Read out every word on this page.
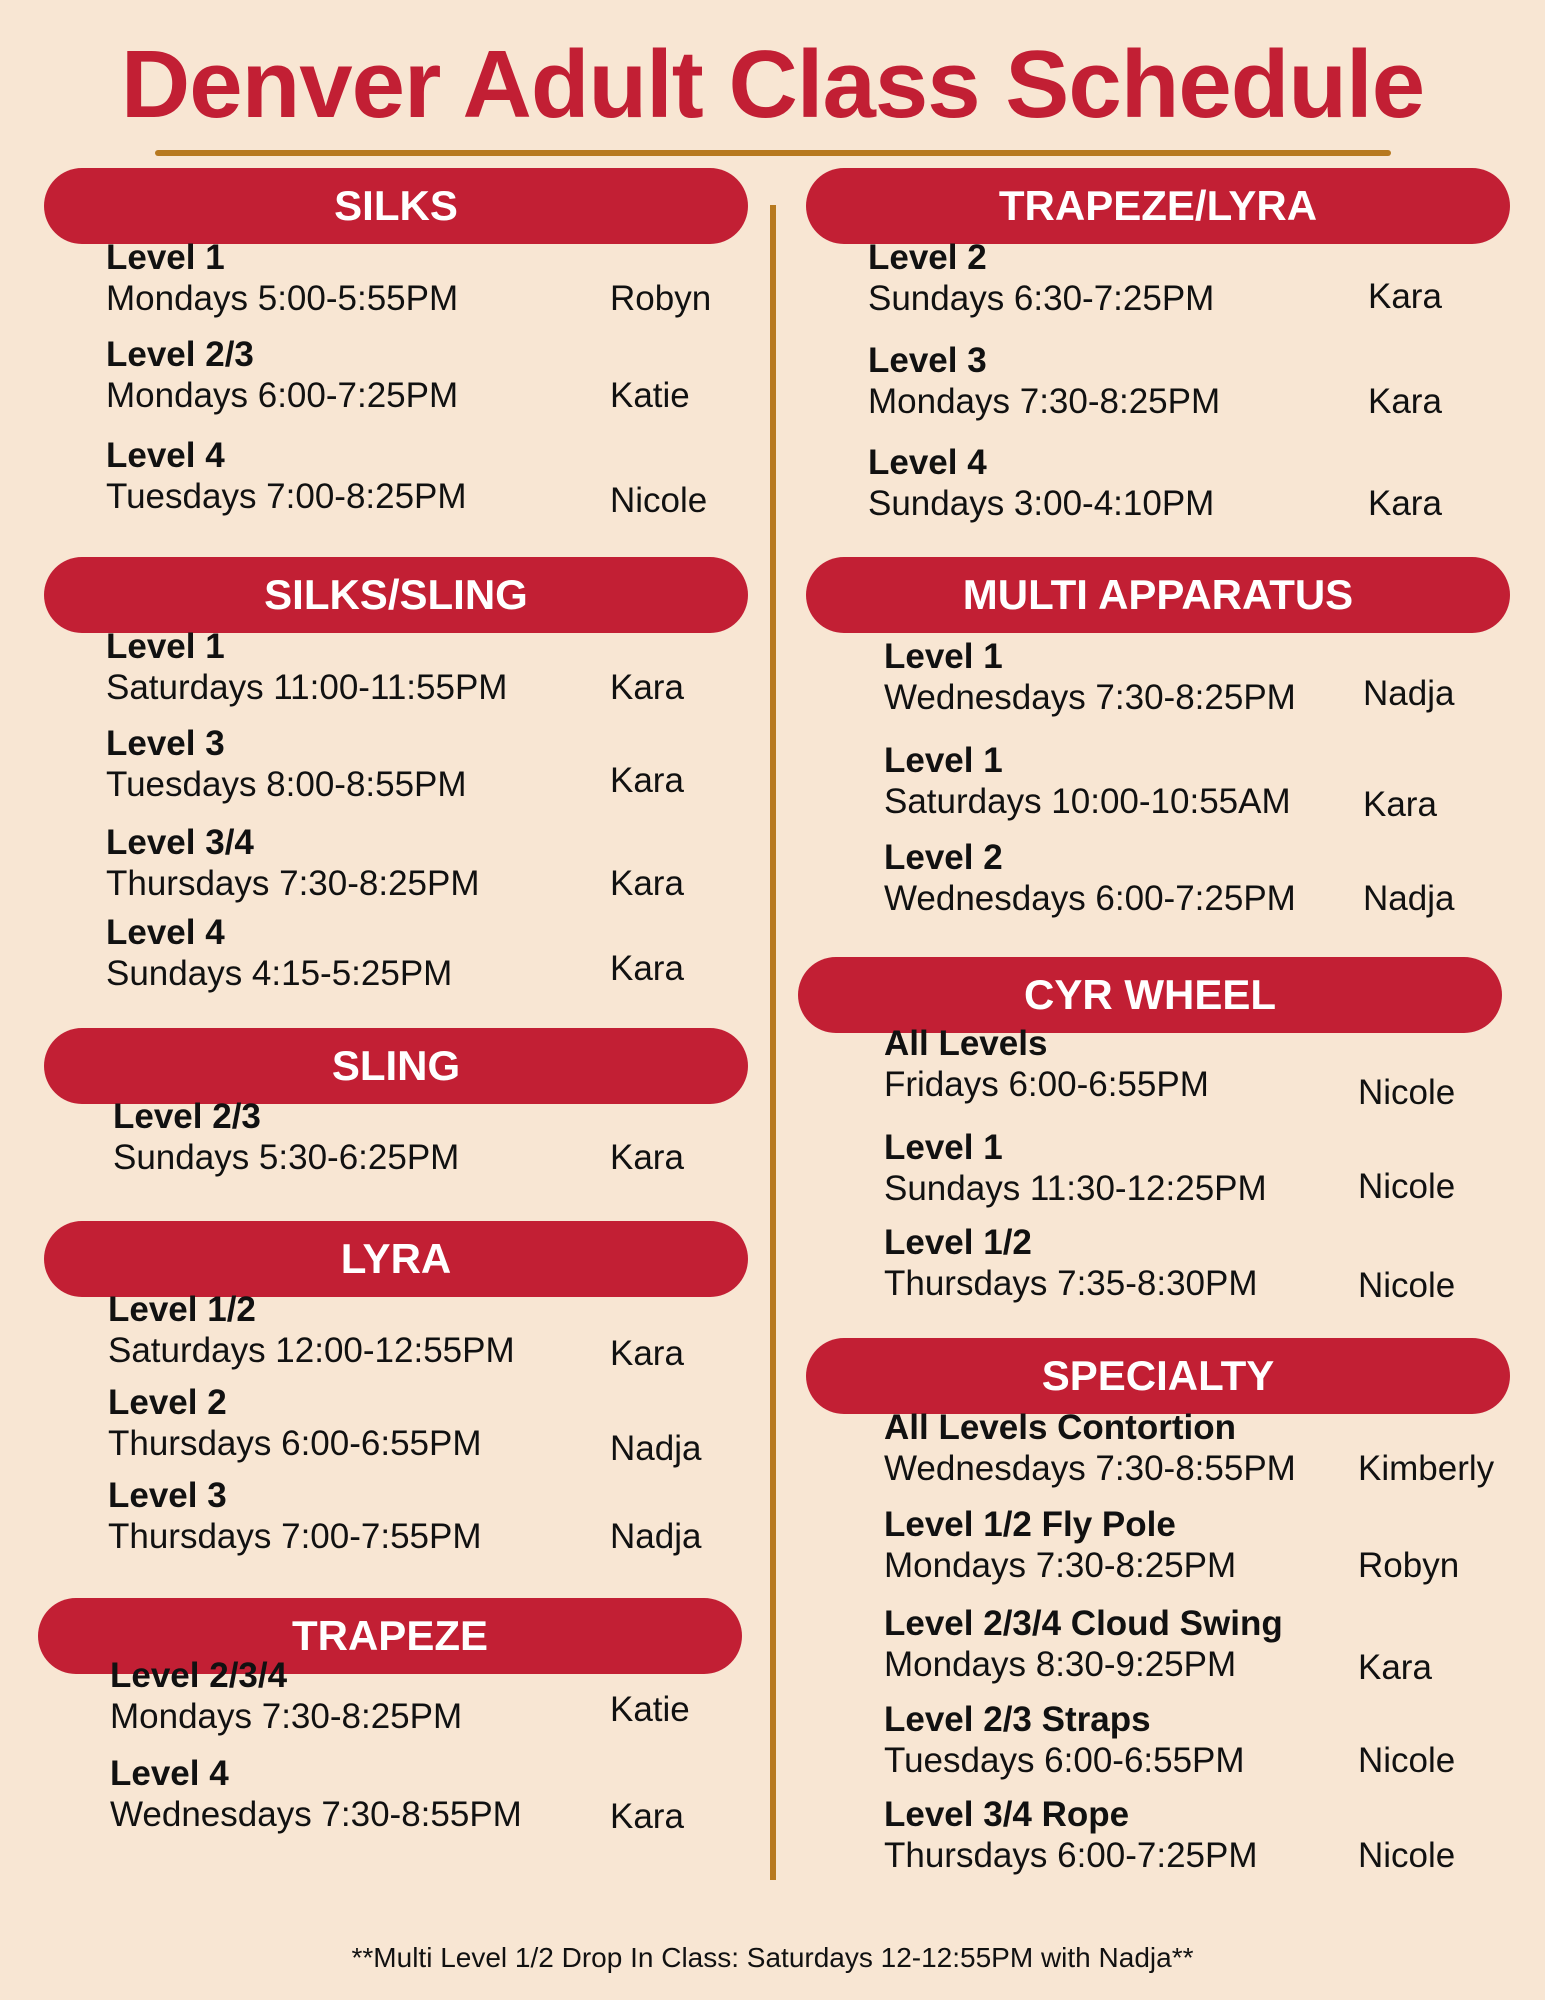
Denver Adult Class Schedule
SILKS
Level 1
Mondays 5:00-5:55PM	Robyn
Level 2/3
Mondays 6:00-7:25PM	Katie
Level 4
Tuesdays 7:00-8:25PM	Nicole
SILKS/SLING
Level 1
Saturdays 11:00-11:55PM	Kara
Level 3
Tuesdays 8:00-8:55PM	Kara
Level 3/4
Thursdays 7:30-8:25PM	Kara
Level 4
Sundays 4:15-5:25PM	Kara
SLING
Level 2/3
Sundays 5:30-6:25PM	Kara
LYRA
Level 1/2
Saturdays 12:00-12:55PM	Kara
Level 2
Thursdays 6:00-6:55PM	Nadja
Level 3
Thursdays 7:00-7:55PM	Nadja
TRAPEZE
Level 2/3/4
Mondays 7:30-8:25PM	Katie
Level 4
Wednesdays 7:30-8:55PM	Kara
TRAPEZE/LYRA
Level 2
Sundays 6:30-7:25PM	Kara
Level 3
Mondays 7:30-8:25PM	Kara
Level 4
Sundays 3:00-4:10PM	Kara
MULTI APPARATUS
Level 1
Wednesdays 7:30-8:25PM Nadja
Level 1
Saturdays 10:00-10:55AM Kara
Level 2
Wednesdays 6:00-7:25PM Nadja
CYR WHEEL
All Levels
Fridays 6:00-6:55PM	Nicole
Level 1
Sundays 11:30-12:25PM	Nicole
Level 1/2
Thursdays 7:35-8:30PM	Nicole
SPECIALTY
All Levels Contortion
Wednesdays 7:30-8:55PM Kimberly
Level 1/2 Fly Pole
Mondays 7:30-8:25PM	Robyn
Level 2/3/4 Cloud Swing
Mondays 8:30-9:25PM	Kara
Level 2/3 Straps
Tuesdays 6:00-6:55PM	Nicole
Level 3/4 Rope
Thursdays 6:00-7:25PM	Nicole
**Multi Level 1/2 Drop In Class: Saturdays 12-12:55PM with Nadja**
